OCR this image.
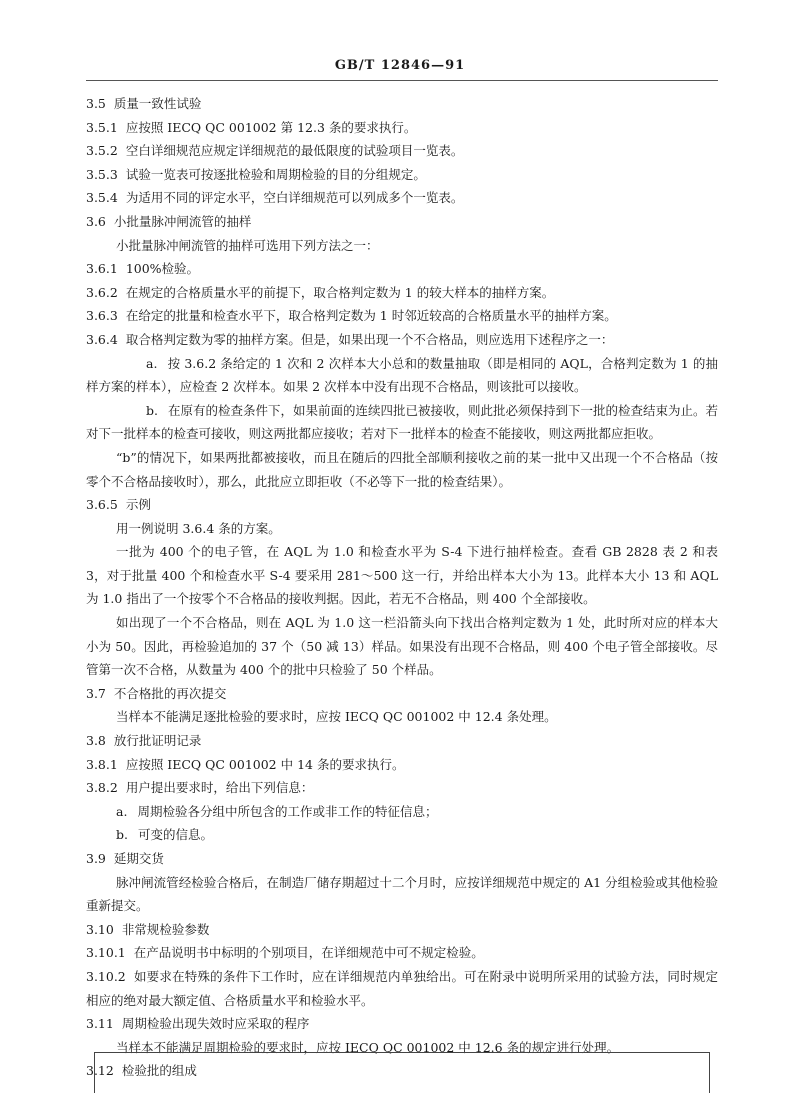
GB/T 12846—91
3.5 质量一致性试验
3.5.1 应按照 IECQ QC 001002 第 12.3 条的要求执行。
3.5.2 空白详细规范应规定详细规范的最低限度的试验项目一览表。
3.5.3 试验一览表可按逐批检验和周期检验的目的分组规定。
3.5.4 为适用不同的评定水平，空白详细规范可以列成多个一览表。
3.6 小批量脉冲闸流管的抽样
小批量脉冲闸流管的抽样可选用下列方法之一：
3.6.1 100%检验。
3.6.2 在规定的合格质量水平的前提下，取合格判定数为 1 的较大样本的抽样方案。
3.6.3 在给定的批量和检查水平下，取合格判定数为 1 时邻近较高的合格质量水平的抽样方案。
3.6.4 取合格判定数为零的抽样方案。但是，如果出现一个不合格品，则应选用下述程序之一：
a. 按 3.6.2 条给定的 1 次和 2 次样本大小总和的数量抽取（即是相同的 AQL，合格判定数为 1 的抽样方案的样本），应检查 2 次样本。如果 2 次样本中没有出现不合格品，则该批可以接收。
b. 在原有的检查条件下，如果前面的连续四批已被接收，则此批必须保持到下一批的检查结束为止。若对下一批样本的检查可接收，则这两批都应接收；若对下一批样本的检查不能接收，则这两批都应拒收。
“b”的情况下，如果两批都被接收，而且在随后的四批全部顺利接收之前的某一批中又出现一个不合格品（按零个不合格品接收时），那么，此批应立即拒收（不必等下一批的检查结果）。
3.6.5 示例
用一例说明 3.6.4 条的方案。
一批为 400 个的电子管，在 AQL 为 1.0 和检查水平为 S-4 下进行抽样检查。查看 GB 2828 表 2 和表 3，对于批量 400 个和检查水平 S-4 要采用 281～500 这一行，并给出样本大小为 13。此样本大小 13 和 AQL 为 1.0 指出了一个按零个不合格品的接收判据。因此，若无不合格品，则 400 个全部接收。
如出现了一个不合格品，则在 AQL 为 1.0 这一栏沿箭头向下找出合格判定数为 1 处，此时所对应的样本大小为 50。因此，再检验追加的 37 个（50 减 13）样品。如果没有出现不合格品，则 400 个电子管全部接收。尽管第一次不合格，从数量为 400 个的批中只检验了 50 个样品。
3.7 不合格批的再次提交
当样本不能满足逐批检验的要求时，应按 IECQ QC 001002 中 12.4 条处理。
3.8 放行批证明记录
3.8.1 应按照 IECQ QC 001002 中 14 条的要求执行。
3.8.2 用户提出要求时，给出下列信息：
a. 周期检验各分组中所包含的工作或非工作的特征信息；
b. 可变的信息。
3.9 延期交货
脉冲闸流管经检验合格后，在制造厂储存期超过十二个月时，应按详细规范中规定的 A1 分组检验或其他检验重新提交。
3.10 非常规检验参数
3.10.1 在产品说明书中标明的个别项目，在详细规范中可不规定检验。
3.10.2 如要求在特殊的条件下工作时，应在详细规范内单独给出。可在附录中说明所采用的试验方法，同时规定相应的绝对最大额定值、合格质量水平和检验水平。
3.11 周期检验出现失效时应采取的程序
当样本不能满足周期检验的要求时，应按 IECQ QC 001002 中 12.6 条的规定进行处理。
3.12 检验批的组成
